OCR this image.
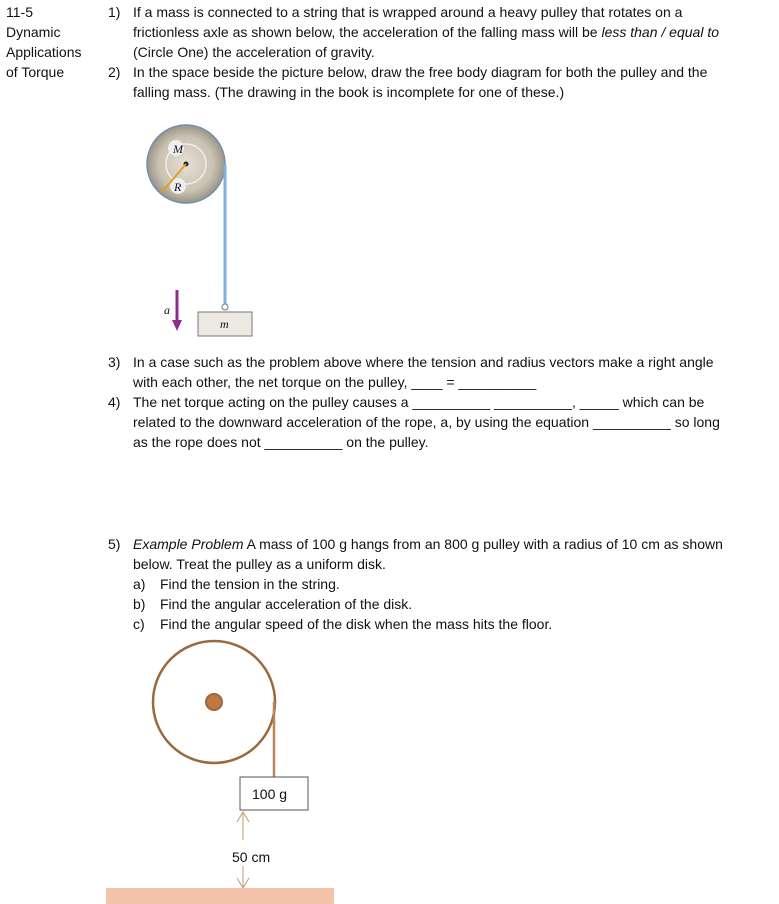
11-5
Dynamic
Applications
of Torque
1) If a mass is connected to a string that is wrapped around a heavy pulley that rotates on a
frictionless axle as shown below, the acceleration of the falling mass will be less than / equal to
(Circle One) the acceleration of gravity.
2) In the space beside the picture below, draw the free body diagram for both the pulley and the
falling mass. (The drawing in the book is incomplete for one of these.)
M
R
m
a
100 g
50 cm
3) In a case such as the problem above where the tension and radius vectors make a right angle
with each other, the net torque on the pulley, ____ = __________
4) The net torque acting on the pulley causes a __________ __________, _____ which can be
related to the downward acceleration of the rope, a, by using the equation __________ so long
as the rope does not __________ on the pulley.
5) Example Problem A mass of 100 g hangs from an 800 g pulley with a radius of 10 cm as shown
below. Treat the pulley as a uniform disk.
a) Find the tension in the string.
b) Find the angular acceleration of the disk.
c) Find the angular speed of the disk when the mass hits the floor.
